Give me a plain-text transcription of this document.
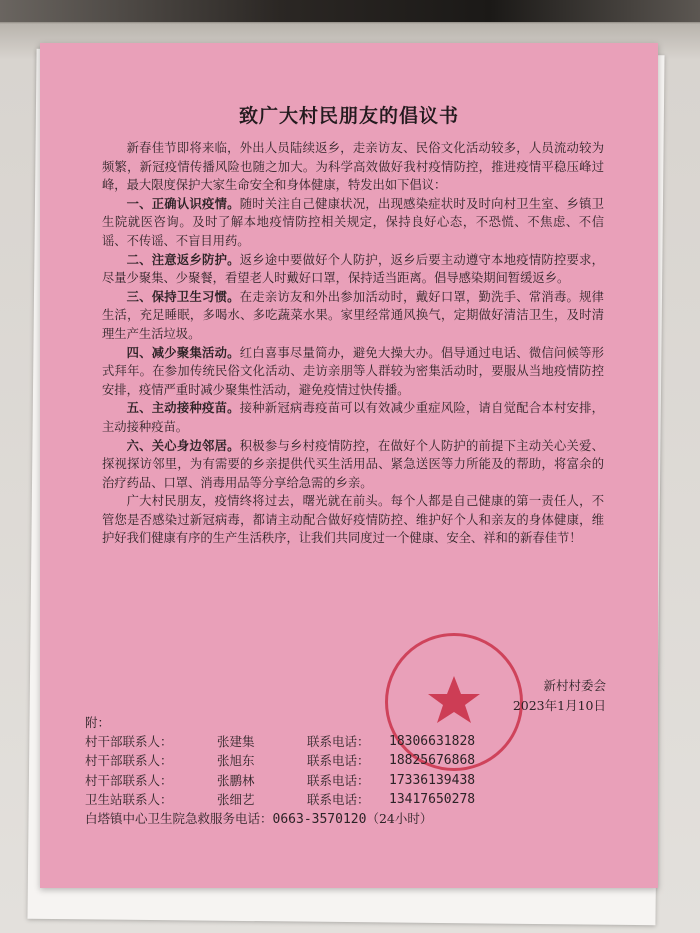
致广大村民朋友的倡议书

新春佳节即将来临，外出人员陆续返乡，走亲访友、民俗文化活动较多，人员流动较为频繁，新冠疫情传播风险也随之加大。为科学高效做好我村疫情防控，推进疫情平稳压峰过峰，最大限度保护大家生命安全和身体健康，特发出如下倡议：

一、正确认识疫情。随时关注自己健康状况，出现感染症状时及时向村卫生室、乡镇卫生院就医咨询。及时了解本地疫情防控相关规定，保持良好心态，不恐慌、不焦虑、不信谣、不传谣、不盲目用药。

二、注意返乡防护。返乡途中要做好个人防护，返乡后要主动遵守本地疫情防控要求，尽量少聚集、少聚餐，看望老人时戴好口罩，保持适当距离。倡导感染期间暂缓返乡。

三、保持卫生习惯。在走亲访友和外出参加活动时，戴好口罩，勤洗手、常消毒。规律生活，充足睡眠，多喝水、多吃蔬菜水果。家里经常通风换气，定期做好清洁卫生，及时清理生产生活垃圾。

四、减少聚集活动。红白喜事尽量简办，避免大操大办。倡导通过电话、微信问候等形式拜年。在参加传统民俗文化活动、走访亲朋等人群较为密集活动时，要服从当地疫情防控安排，疫情严重时减少聚集性活动，避免疫情过快传播。

五、主动接种疫苗。接种新冠病毒疫苗可以有效减少重症风险，请自觉配合本村安排，主动接种疫苗。

六、关心身边邻居。积极参与乡村疫情防控，在做好个人防护的前提下主动关心关爱、探视探访邻里，为有需要的乡亲提供代买生活用品、紧急送医等力所能及的帮助，将富余的治疗药品、口罩、消毒用品等分享给急需的乡亲。

广大村民朋友，疫情终将过去，曙光就在前头。每个人都是自己健康的第一责任人，不管您是否感染过新冠病毒，都请主动配合做好疫情防控、维护好个人和亲友的身体健康，维护好我们健康有序的生产生活秩序，让我们共同度过一个健康、安全、祥和的新春佳节！

新村村委会
2023年1月10日
附：
村干部联系人：	张建集	联系电话：	18306631828
村干部联系人：	张旭东	联系电话：	18825676868
村干部联系人：	张鹏林	联系电话：	17336139438
卫生站联系人：	张细艺	联系电话：	13417650278
白塔镇中心卫生院急救服务电话：0663-3570120（24小时）
